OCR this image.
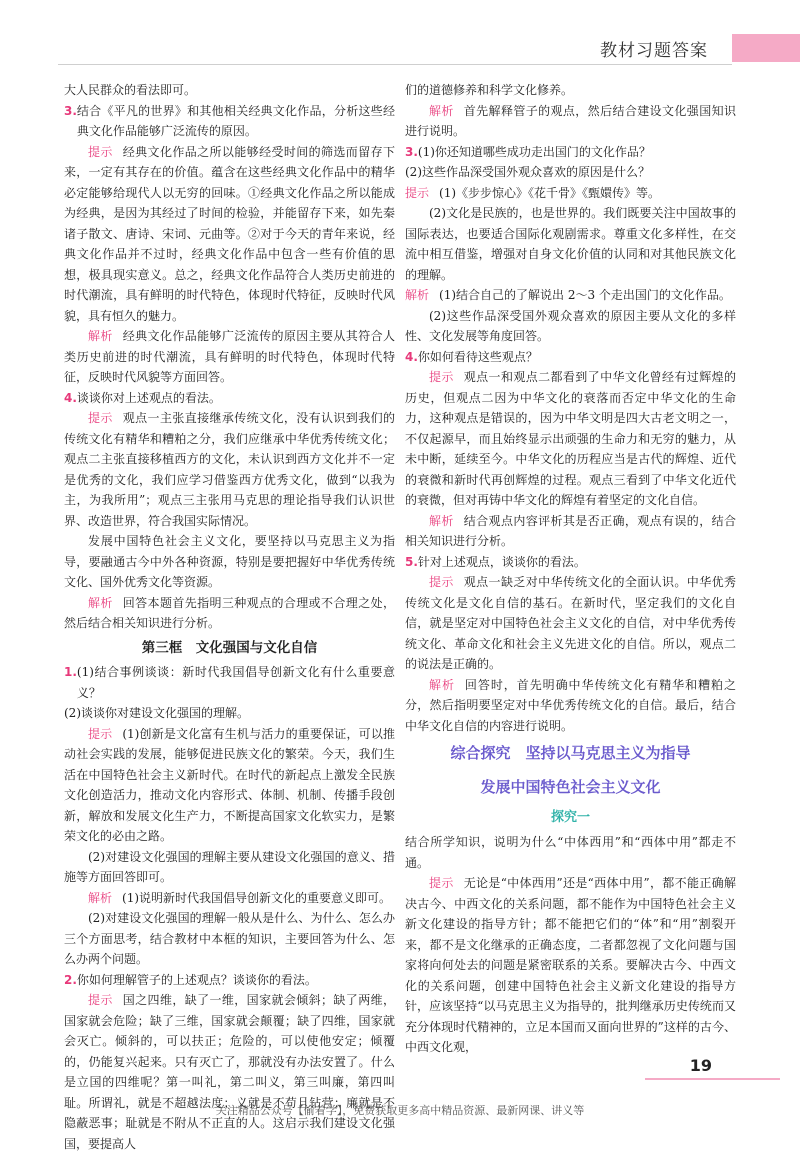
教材习题答案

大人民群众的看法即可。

3. 结合《平凡的世界》和其他相关经典文化作品，分析这些经典文化作品能够广泛流传的原因。

提示 经典文化作品之所以能够经受时间的筛选而留存下来，一定有其存在的价值。蕴含在这些经典文化作品中的精华必定能够给现代人以无穷的回味。①经典文化作品之所以能成为经典，是因为其经过了时间的检验，并能留存下来，如先秦诸子散文、唐诗、宋词、元曲等。②对于今天的青年来说，经典文化作品并不过时，经典文化作品中包含一些有价值的思想，极具现实意义。总之，经典文化作品符合人类历史前进的时代潮流，具有鲜明的时代特色，体现时代特征，反映时代风貌，具有恒久的魅力。

解析 经典文化作品能够广泛流传的原因主要从其符合人类历史前进的时代潮流，具有鲜明的时代特色，体现时代特征，反映时代风貌等方面回答。

4. 谈谈你对上述观点的看法。

提示 观点一主张直接继承传统文化，没有认识到我们的传统文化有精华和糟粕之分，我们应继承中华优秀传统文化；观点二主张直接移植西方的文化，未认识到西方文化并不一定是优秀的文化，我们应学习借鉴西方优秀文化，做到“以我为主，为我所用”；观点三主张用马克思的理论指导我们认识世界、改造世界，符合我国实际情况。

发展中国特色社会主义文化，要坚持以马克思主义为指导，要融通古今中外各种资源，特别是要把握好中华优秀传统文化、国外优秀文化等资源。

解析 回答本题首先指明三种观点的合理或不合理之处，然后结合相关知识进行分析。

第三框　文化强国与文化自信
1. (1)结合事例谈谈：新时代我国倡导创新文化有什么重要意义？

(2)谈谈你对建设文化强国的理解。

提示 (1)创新是文化富有生机与活力的重要保证，可以推动社会实践的发展，能够促进民族文化的繁荣。今天，我们生活在中国特色社会主义新时代。在时代的新起点上激发全民族文化创造活力，推动文化内容形式、体制、机制、传播手段创新，解放和发展文化生产力，不断提高国家文化软实力，是繁荣文化的必由之路。

(2)对建设文化强国的理解主要从建设文化强国的意义、措施等方面回答即可。

解析 (1)说明新时代我国倡导创新文化的重要意义即可。

(2)对建设文化强国的理解一般从是什么、为什么、怎么办三个方面思考，结合教材中本框的知识，主要回答为什么、怎么办两个问题。

2. 你如何理解管子的上述观点？谈谈你的看法。

提示 国之四维，缺了一维，国家就会倾斜；缺了两维，国家就会危险；缺了三维，国家就会颠覆；缺了四维，国家就会灭亡。倾斜的，可以扶正；危险的，可以使他安定；倾覆的，仍能复兴起来。只有灭亡了，那就没有办法安置了。什么是立国的四维呢？第一叫礼，第二叫义，第三叫廉，第四叫耻。所谓礼，就是不超越法度；义就是不苟且钻营；廉就是不隐蔽恶事；耻就是不附从不正直的人。这启示我们建设文化强国，要提高人

们的道德修养和科学文化修养。

解析 首先解释管子的观点，然后结合建设文化强国知识进行说明。

3. (1)你还知道哪些成功走出国门的文化作品？

(2)这些作品深受国外观众喜欢的原因是什么？

提示 (1)《步步惊心》《花千骨》《甄嬛传》等。

(2)文化是民族的，也是世界的。我们既要关注中国故事的国际表达，也要适合国际化观剧需求。尊重文化多样性，在交流中相互借鉴，增强对自身文化价值的认同和对其他民族文化的理解。

解析 (1)结合自己的了解说出 2～3 个走出国门的文化作品。

(2)这些作品深受国外观众喜欢的原因主要从文化的多样性、文化发展等角度回答。

4. 你如何看待这些观点？

提示 观点一和观点二都看到了中华文化曾经有过辉煌的历史，但观点二因为中华文化的衰落而否定中华文化的生命力，这种观点是错误的，因为中华文明是四大古老文明之一，不仅起源早，而且始终显示出顽强的生命力和无穷的魅力，从未中断，延续至今。中华文化的历程应当是古代的辉煌、近代的衰微和新时代再创辉煌的过程。观点三看到了中华文化近代的衰微，但对再铸中华文化的辉煌有着坚定的文化自信。

解析 结合观点内容评析其是否正确，观点有误的，结合相关知识进行分析。

5. 针对上述观点，谈谈你的看法。

提示 观点一缺乏对中华传统文化的全面认识。中华优秀传统文化是文化自信的基石。在新时代，坚定我们的文化自信，就是坚定对中国特色社会主义文化的自信，对中华优秀传统文化、革命文化和社会主义先进文化的自信。所以，观点二的说法是正确的。

解析 回答时，首先明确中华传统文化有精华和糟粕之分，然后指明要坚定对中华优秀传统文化的自信。最后，结合中华文化自信的内容进行说明。

综合探究　坚持以马克思主义为指导
发展中国特色社会主义文化
探究一

结合所学知识，说明为什么“中体西用”和“西体中用”都走不通。

提示 无论是“中体西用”还是“西体中用”，都不能正确解决古今、中西文化的关系问题，都不能作为中国特色社会主义新文化建设的指导方针；都不能把它们的“体”和“用”割裂开来，都不是文化继承的正确态度，二者都忽视了文化问题与国家将向何处去的问题是紧密联系的关系。要解决古今、中西文化的关系问题，创建中国特色社会主义新文化建设的指导方针，应该坚持“以马克思主义为指导的，批判继承历史传统而又充分体现时代精神的，立足本国而又面向世界的”这样的古今、中西文化观，

19
关注精品公众号【偷着学】，免费获取更多高中精品资源、最新网课、讲义等
